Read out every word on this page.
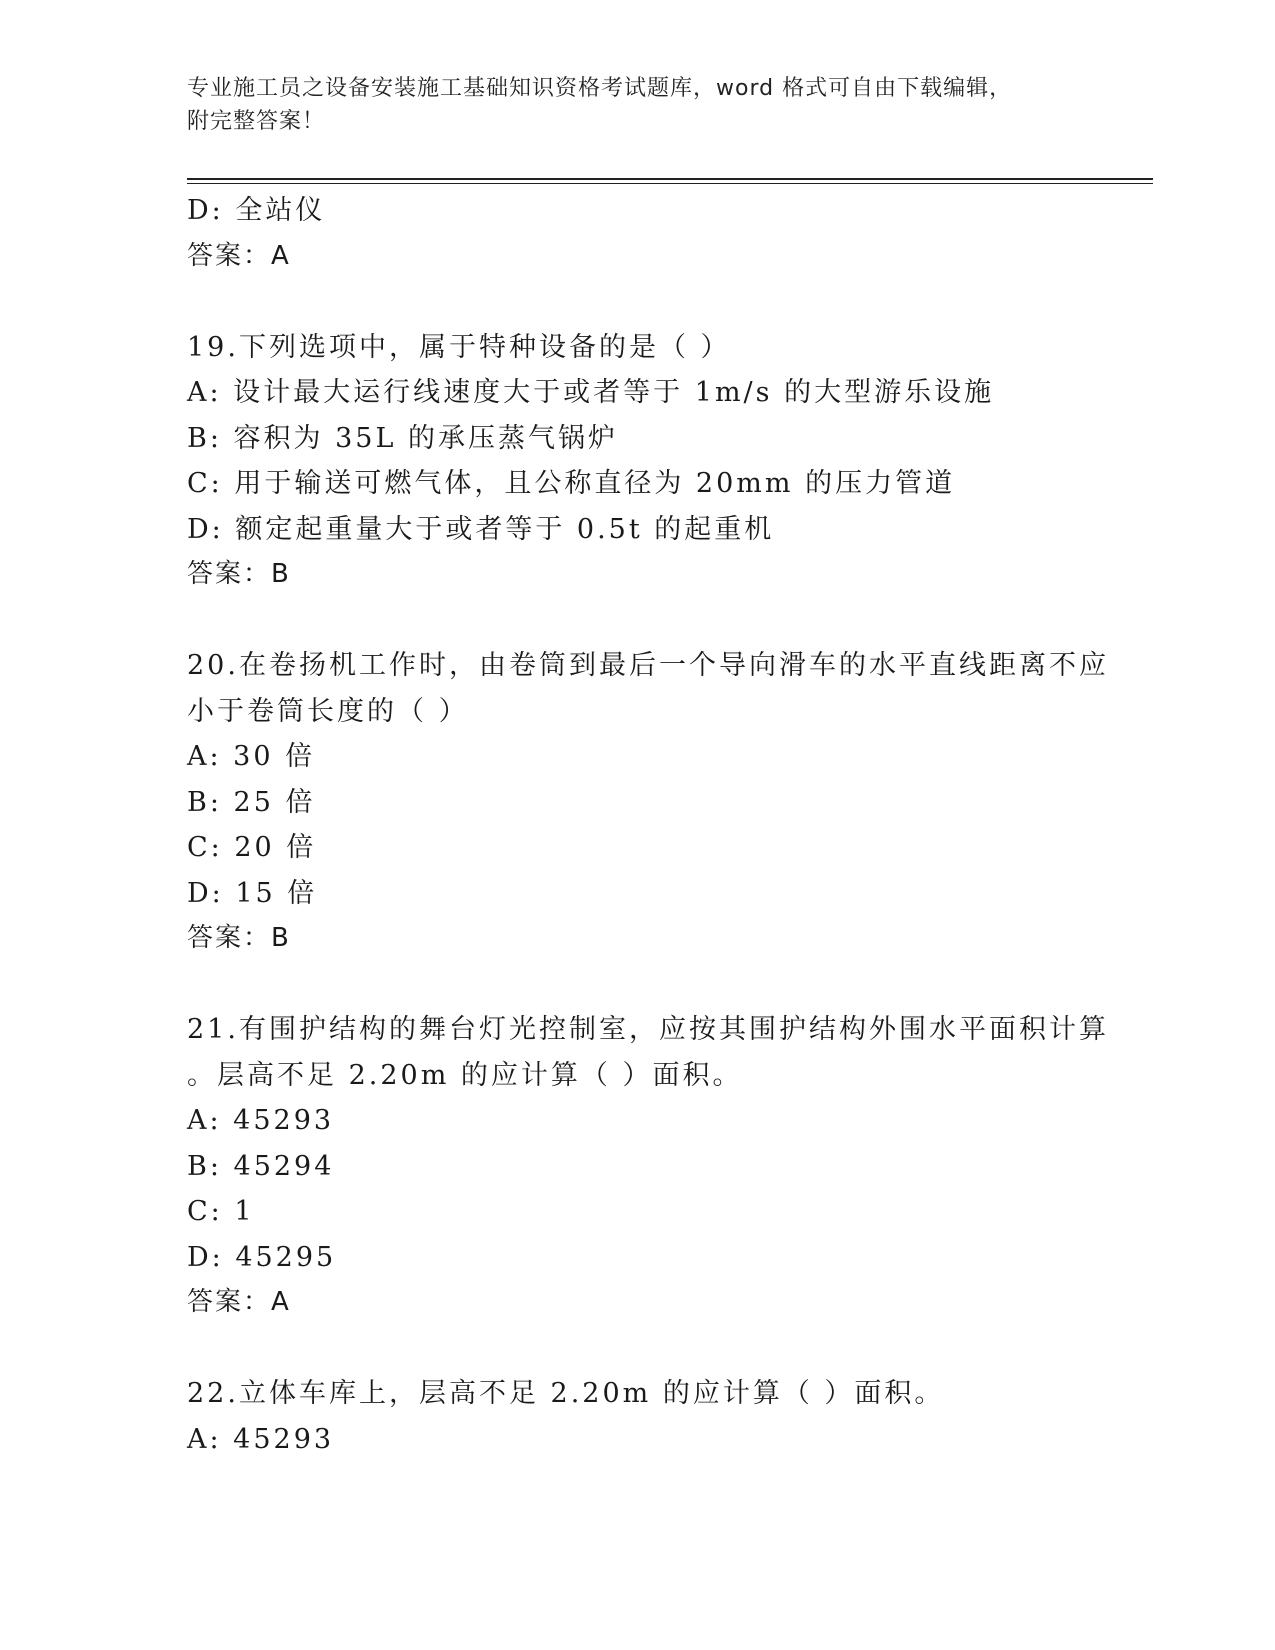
专业施工员之设备安装施工基础知识资格考试题库，word 格式可自由下载编辑，
附完整答案！
D: 全站仪
答案：A
19.下列选项中，属于特种设备的是（ ）
A: 设计最大运行线速度大于或者等于 1m/s 的大型游乐设施
B: 容积为 35L 的承压蒸气锅炉
C: 用于输送可燃气体，且公称直径为 20mm 的压力管道
D: 额定起重量大于或者等于 0.5t 的起重机
答案：B
20.在卷扬机工作时，由卷筒到最后一个导向滑车的水平直线距离不应
小于卷筒长度的（ ）
A: 30 倍
B: 25 倍
C: 20 倍
D: 15 倍
答案：B
21.有围护结构的舞台灯光控制室，应按其围护结构外围水平面积计算
。层高不足 2.20m 的应计算（ ）面积。
A: 45293
B: 45294
C: 1
D: 45295
答案：A
22.立体车库上，层高不足 2.20m 的应计算（ ）面积。
A: 45293
